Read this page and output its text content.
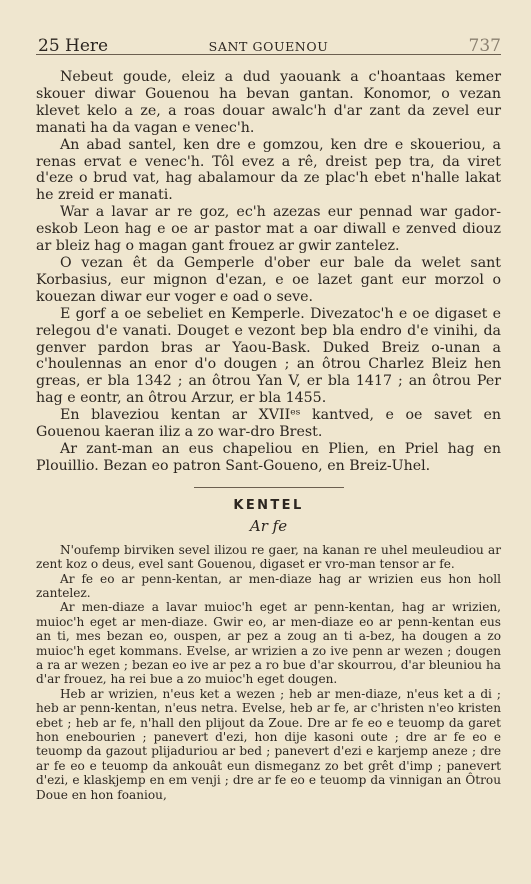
25 Here	SANT GOUENOU	737

Nebeut goude, eleiz a dud yaouank a c'hoantaas kemer skouer diwar Gouenou ha bevan gantan. Konomor, o vezan klevet kelo a ze, a roas douar awalc'h d'ar zant da zevel eur manati ha da vagan e venec'h.

An abad santel, ken dre e gomzou, ken dre e skoueriou, a renas ervat e venec'h. Tôl evez a rê, dreist pep tra, da viret d'eze o brud vat, hag abalamour da ze plac'h ebet n'halle lakat he zreid er manati.

War a lavar ar re goz, ec'h azezas eur pennad war gador-eskob Leon hag e oe ar pastor mat a oar diwall e zenved diouz ar bleiz hag o magan gant frouez ar gwir zantelez.

O vezan êt da Gemperle d'ober eur bale da welet sant Korbasius, eur mignon d'ezan, e oe lazet gant eur morzol o kouezan diwar eur voger e oad o seve.

E gorf a oe sebeliet en Kemperle. Divezatoc'h e oe digaset e relegou d'e vanati. Douget e vezont bep bla endro d'e vinihi, da genver pardon bras ar Yaou-Bask. Duked Breiz o-unan a c'houlennas an enor d'o dougen ; an ôtrou Charlez Bleiz hen greas, er bla 1342 ; an ôtrou Yan V, er bla 1417 ; an ôtrou Per hag e eontr, an ôtrou Arzur, er bla 1455.

En blaveziou kentan ar XVIIᵉˢ kantved, e oe savet en Gouenou kaeran iliz a zo war-dro Brest.

Ar zant-man an eus chapeliou en Plien, en Priel hag en Plouillio. Bezan eo patron Sant-Goueno, en Breiz-Uhel.

KENTEL
Ar fe

N'oufemp birviken sevel ilizou re gaer, na kanan re uhel meuleudiou ar zent koz o deus, evel sant Gouenou, digaset er vro-man tensor ar fe.

Ar fe eo ar penn-kentan, ar men-diaze hag ar wrizien eus hon holl zantelez.

Ar men-diaze a lavar muioc'h eget ar penn-kentan, hag ar wrizien, muioc'h eget ar men-diaze. Gwir eo, ar men-diaze eo ar penn-kentan eus an ti, mes bezan eo, ouspen, ar pez a zoug an ti a-bez, ha dougen a zo muioc'h eget kommans. Evelse, ar wrizien a zo ive penn ar wezen ; dougen a ra ar wezen ; bezan eo ive ar pez a ro bue d'ar skourrou, d'ar bleuniou ha d'ar frouez, ha rei bue a zo muioc'h eget dougen.

Heb ar wrizien, n'eus ket a wezen ; heb ar men-diaze, n'eus ket a di ; heb ar penn-kentan, n'eus netra. Evelse, heb ar fe, ar c'hristen n'eo kristen ebet ; heb ar fe, n'hall den plijout da Zoue. Dre ar fe eo e teuomp da garet hon enebourien ; panevert d'ezi, hon dije kasoni oute ; dre ar fe eo e teuomp da gazout plijaduriou ar bed ; panevert d'ezi e karjemp aneze ; dre ar fe eo e teuomp da ankouât eun dismeganz zo bet grêt d'imp ; panevert d'ezi, e klaskjemp en em venji ; dre ar fe eo e teuomp da vinnigan an Ôtrou Doue en hon foaniou,
